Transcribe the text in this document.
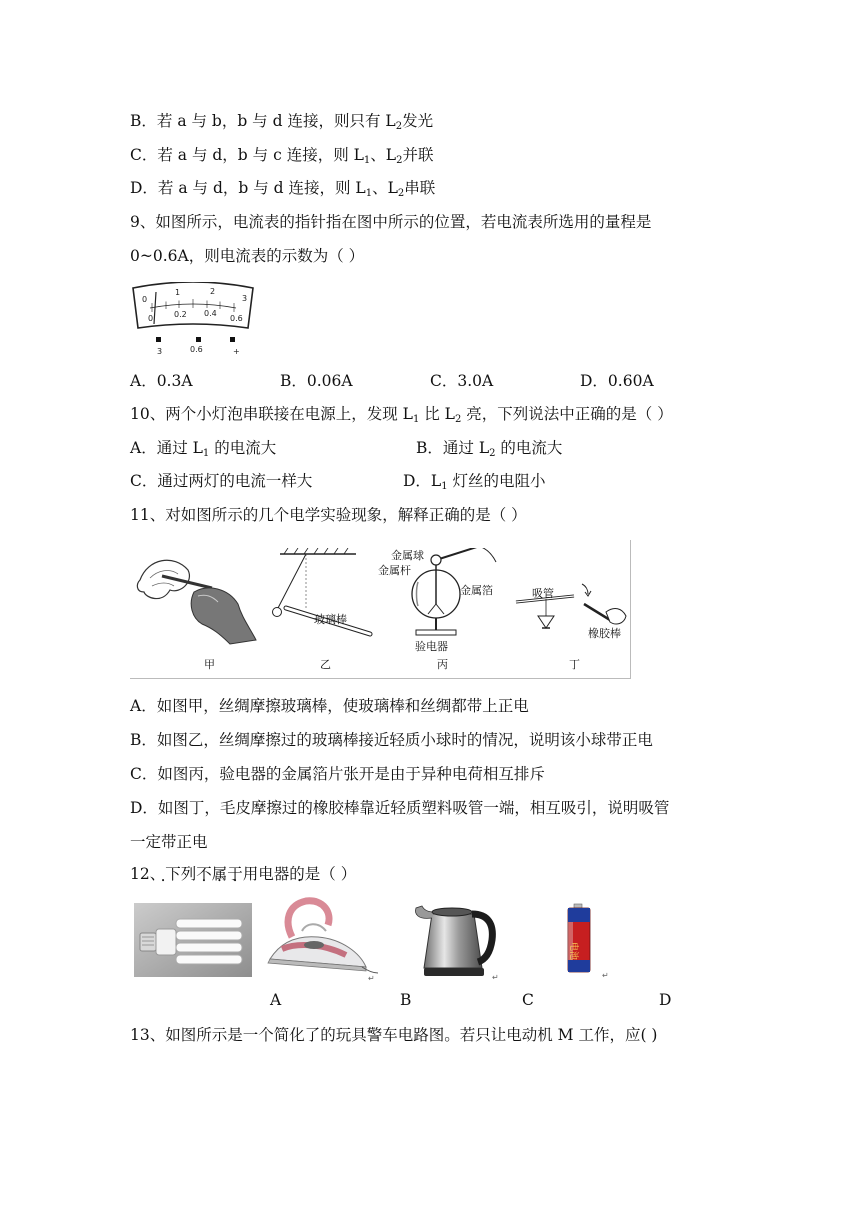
B．若 a 与 b，b 与 d 连接，则只有 $L_2$发光
C．若 a 与 d，b 与 c 连接，则 $L_1$、$L_2$并联
D．若 a 与 d，b 与 d 连接，则 $L_1$、$L_2$串联
9、如图所示，电流表的指针指在图中所示的位置，若电流表所选用的量程是
0~0.6A，则电流表的示数为（ ）
0
1	2
3
0	0.2 0.4
0.6
3	0.6	+
A．0.3A	B．0.06A	C．3.0A	D．0.60A
10、两个小灯泡串联接在电源上，发现 $L_1$ 比 $L_2$ 亮，下列说法中正确的是（ ）
A．通过 $L_1$ 的电流大	B．通过 $L_2$ 的电流大
C．通过两灯的电流一样大	D．$L_1$ 灯丝的电阻小
11、对如图所示的几个电学实验现象，解释正确的是（ ）
甲
玻璃棒
乙
金属球
金属杆
金属箔
验电器
丙
吸管
橡胶棒
丁
A．如图甲，丝绸摩擦玻璃棒，使玻璃棒和丝绸都带上正电
B．如图乙，丝绸摩擦过的玻璃棒接近轻质小球时的情况，说明该小球带正电
C．如图丙，验电器的金属箔片张开是由于异种电荷相互排斥
D．如图丁，毛皮摩擦过的橡胶棒靠近轻质塑料吸管一端，相互吸引，说明吸管
一定带正电
12、下列 •不属于用电器的是（ ） •
↵	↵
电池
↵
A	B	C	D
13、如图所示是一个简化了的玩具警车电路图。若只让电动机 M 工作，应( )
